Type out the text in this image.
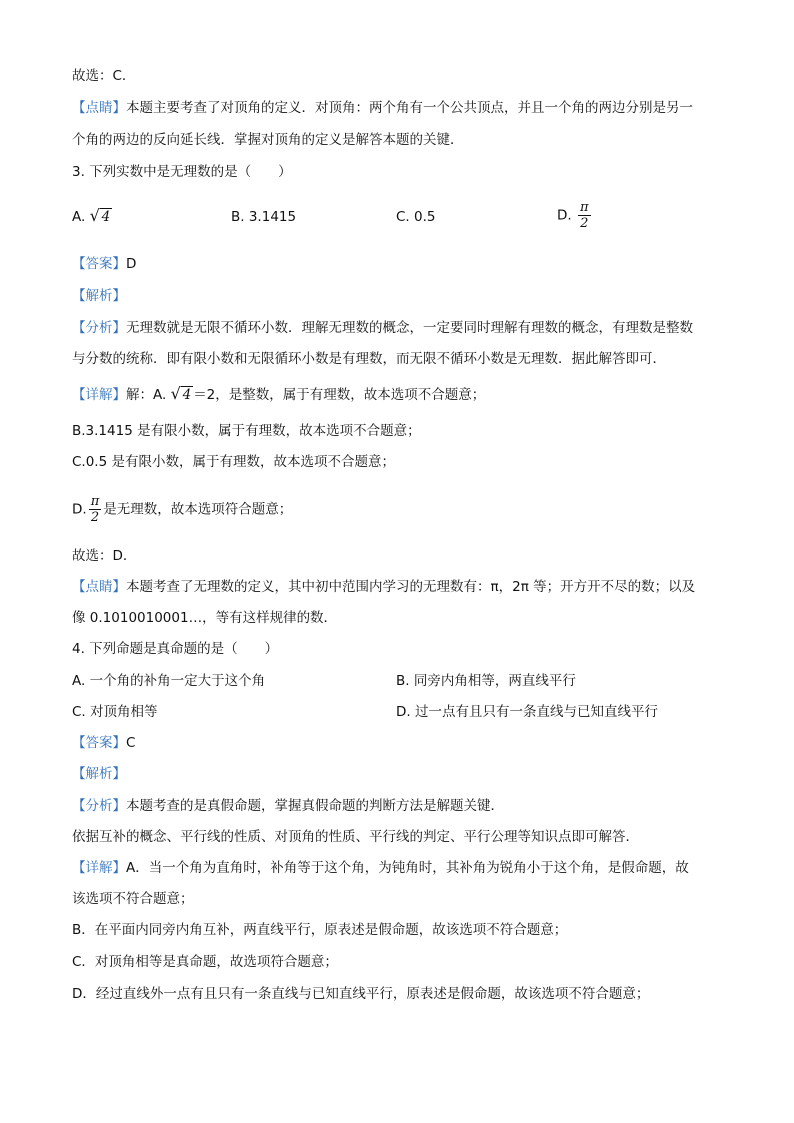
故选：C．
【点睛】本题主要考查了对顶角的定义．对顶角：两个角有一个公共顶点，并且一个角的两边分别是另一
个角的两边的反向延长线．掌握对顶角的定义是解答本题的关键．
3. 下列实数中是无理数的是（　　）
A. √ 4	B. 3.1415	C. 0.5	D. $\frac{\pi}{2}$
【答案】D
【解析】
【分析】无理数就是无限不循环小数．理解无理数的概念，一定要同时理解有理数的概念，有理数是整数
与分数的统称．即有限小数和无限循环小数是有理数，而无限不循环小数是无理数．据此解答即可．
【详解】解：A. √ 4 ＝2，是整数，属于有理数，故本选项不合题意；
B.3.1415 是有限小数，属于有理数，故本选项不合题意；
C.0.5 是有限小数，属于有理数，故本选项不合题意；
D. $\frac{\pi}{2}$ 是无理数，故本选项符合题意；
故选：D．
【点睛】本题考查了无理数的定义，其中初中范围内学习的无理数有：π，2π 等；开方开不尽的数；以及
像 0.1010010001…，等有这样规律的数．
4. 下列命题是真命题的是（　　）
A. 一个角的补角一定大于这个角	B. 同旁内角相等，两直线平行
C. 对顶角相等	D. 过一点有且只有一条直线与已知直线平行
【答案】C
【解析】
【分析】本题考查的是真假命题，掌握真假命题的判断方法是解题关键．
依据互补的概念、平行线的性质、对顶角的性质、平行线的判定、平行公理等知识点即可解答．
【详解】A．当一个角为直角时，补角等于这个角，为钝角时，其补角为锐角小于这个角，是假命题，故
该选项不符合题意；
B．在平面内同旁内角互补，两直线平行，原表述是假命题，故该选项不符合题意；
C．对顶角相等是真命题，故选项符合题意；
D．经过直线外一点有且只有一条直线与已知直线平行，原表述是假命题，故该选项不符合题意；
